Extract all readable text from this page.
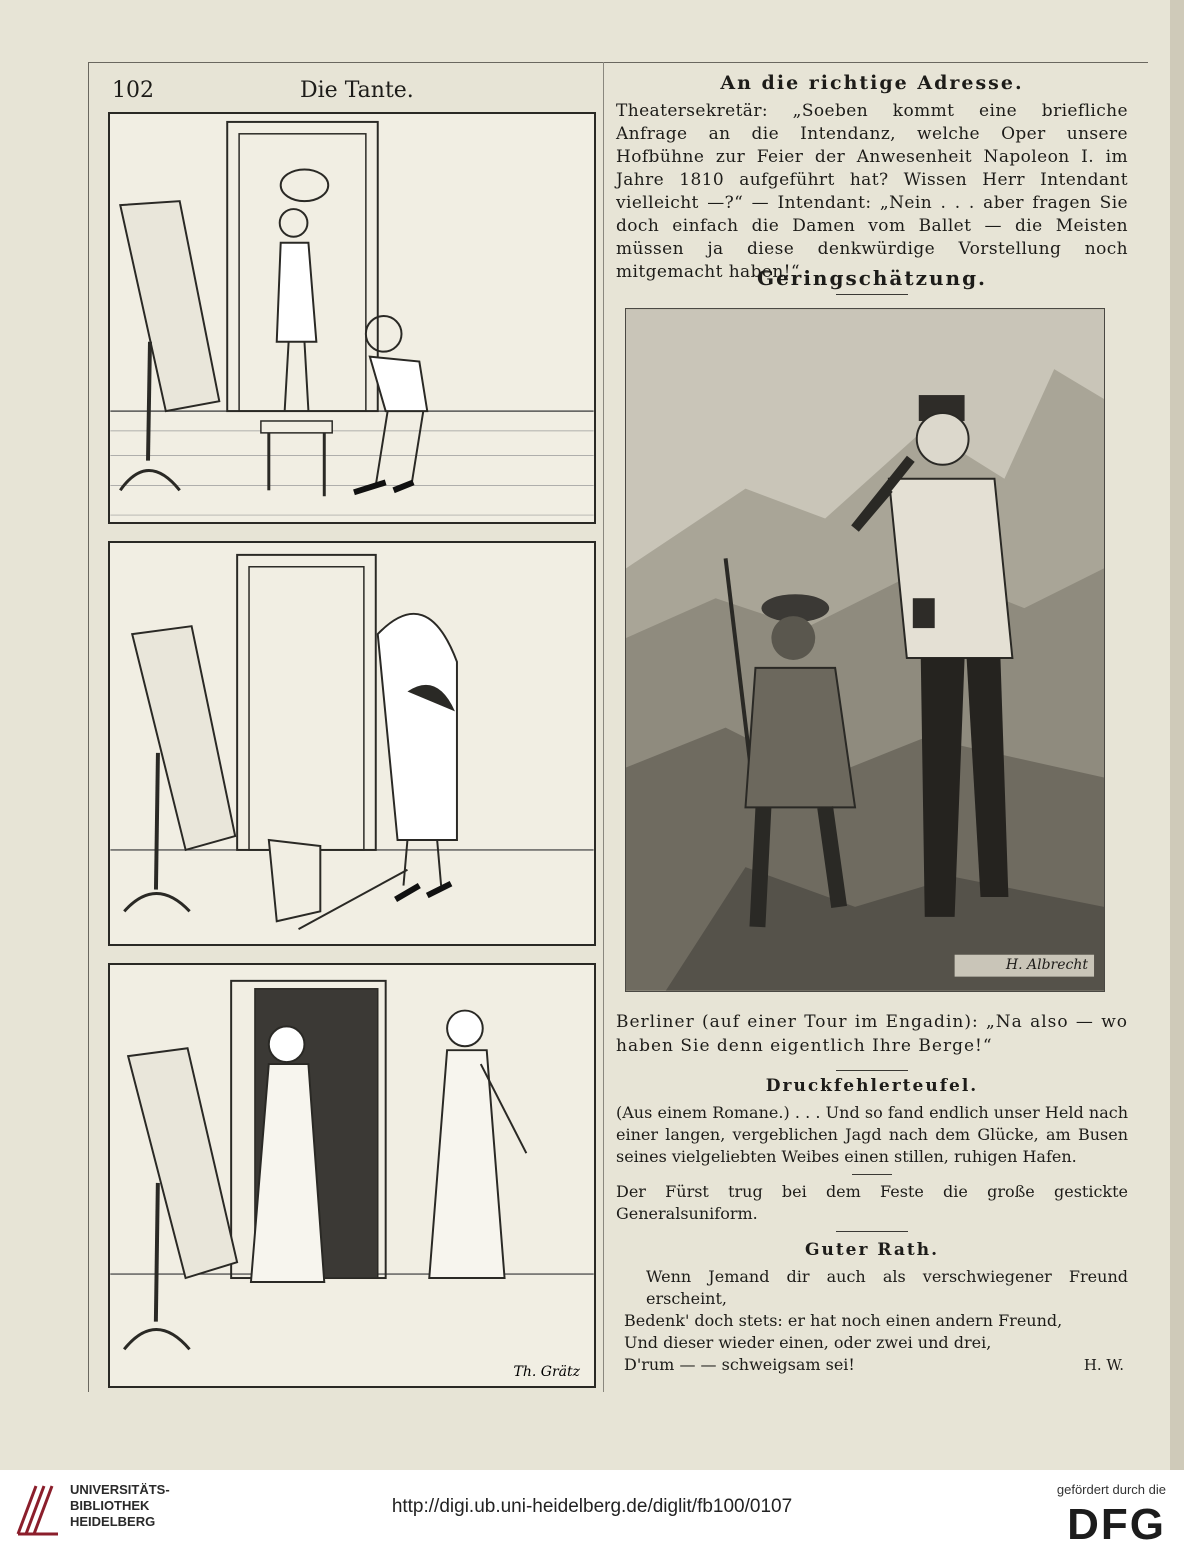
102	Die Tante.
Th. Grätz
An die richtige Adresse.

Theatersekretär: „Soeben kommt eine briefliche Anfrage an die Intendanz, welche Oper unsere Hofbühne zur Feier der Anwesenheit Napoleon I. im Jahre 1810 aufgeführt hat? Wissen Herr Intendant vielleicht —?“ — Intendant: „Nein . . . aber fragen Sie doch einfach die Damen vom Ballet — die Meisten müssen ja diese denkwürdige Vorstellung noch mitgemacht haben!“

Geringschätzung.
H. Albrecht

Berliner (auf einer Tour im Engadin): „Na also — wo haben Sie denn eigentlich Ihre Berge!“

Druckfehlerteufel.

(Aus einem Romane.) . . . Und so fand endlich unser Held nach einer langen, vergeblichen Jagd nach dem Glücke, am Busen seines vielgeliebten Weibes einen stillen, ruhigen Hafen.

Der Fürst trug bei dem Feste die große gestickte Generalsuniform.

Guter Rath.
Wenn Jemand dir auch als verschwiegener Freund erscheint,
Bedenk' doch stets: er hat noch einen andern Freund,
Und dieser wieder einen, oder zwei und drei,
D'rum — — schweigsam sei!	H. W.
UNIVERSITÄTS-
BIBLIOTHEK
HEIDELBERG
http://digi.ub.uni-heidelberg.de/diglit/fb100/0107
gefördert durch die
DFG
